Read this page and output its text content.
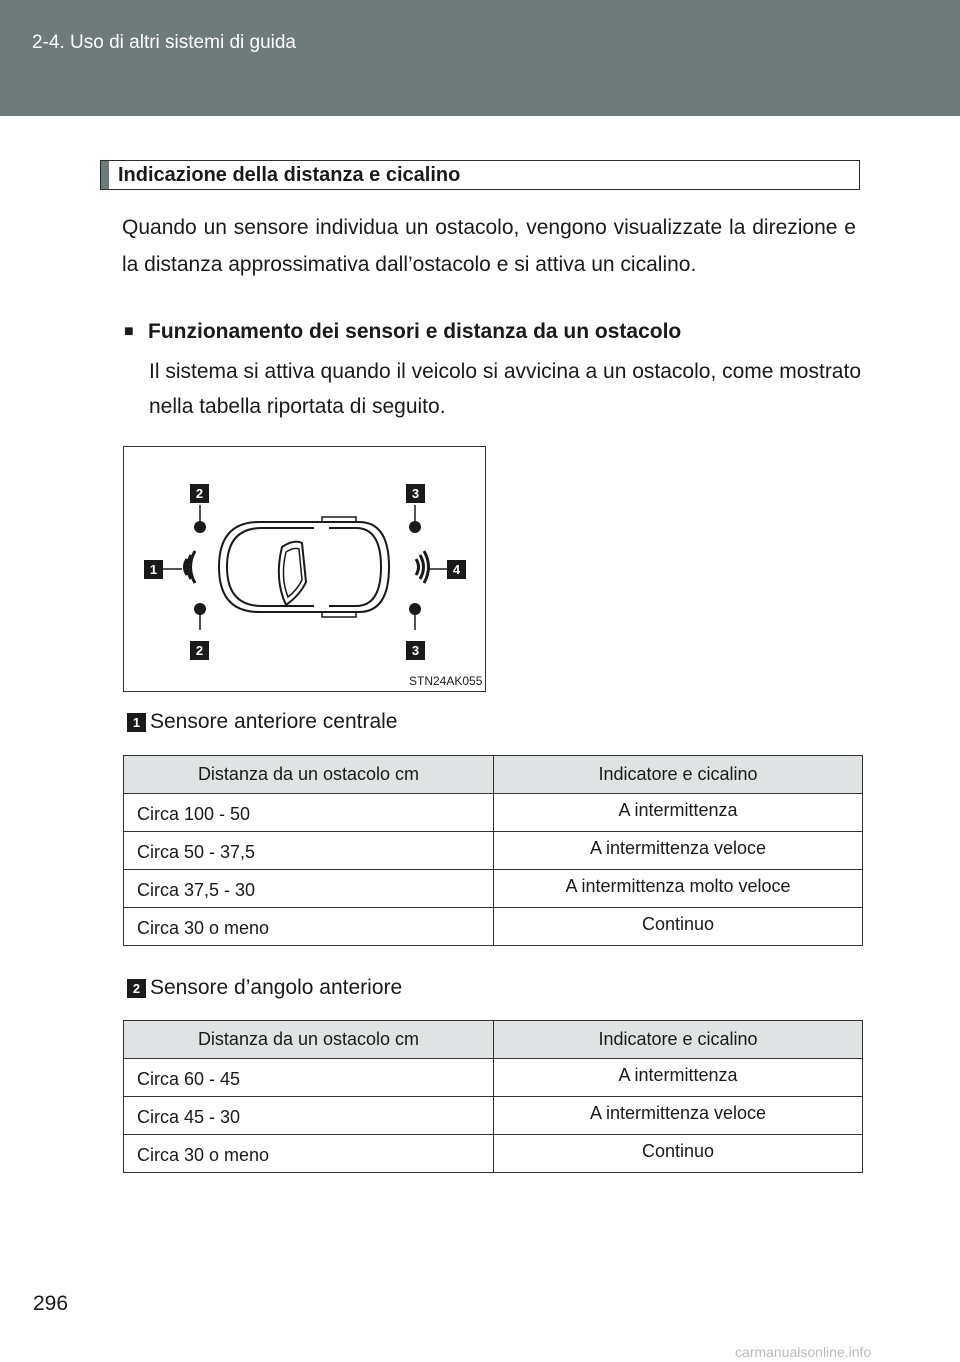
2-4. Uso di altri sistemi di guida
Indicazione della distanza e cicalino

Quando un sensore individua un ostacolo, vengono visualizzate la direzione e la distanza approssimativa dall’ostacolo e si attiva un cicalino.

■ Funzionamento dei sensori e distanza da un ostacolo

Il sistema si attiva quando il veicolo si avvicina a un ostacolo, come mostrato nella tabella riportata di seguito.

2	3
1	4
2	3
STN24AK055
1 Sensore anteriore centrale
Distanza da un ostacolo cm	Indicatore e cicalino
Circa 100 - 50	A intermittenza
Circa 50 - 37,5	A intermittenza veloce
Circa 37,5 - 30	A intermittenza molto veloce
Circa 30 o meno	Continuo
2 Sensore d’angolo anteriore
Distanza da un ostacolo cm	Indicatore e cicalino
Circa 60 - 45	A intermittenza
Circa 45 - 30	A intermittenza veloce
Circa 30 o meno	Continuo
296
carmanualsonline.info
